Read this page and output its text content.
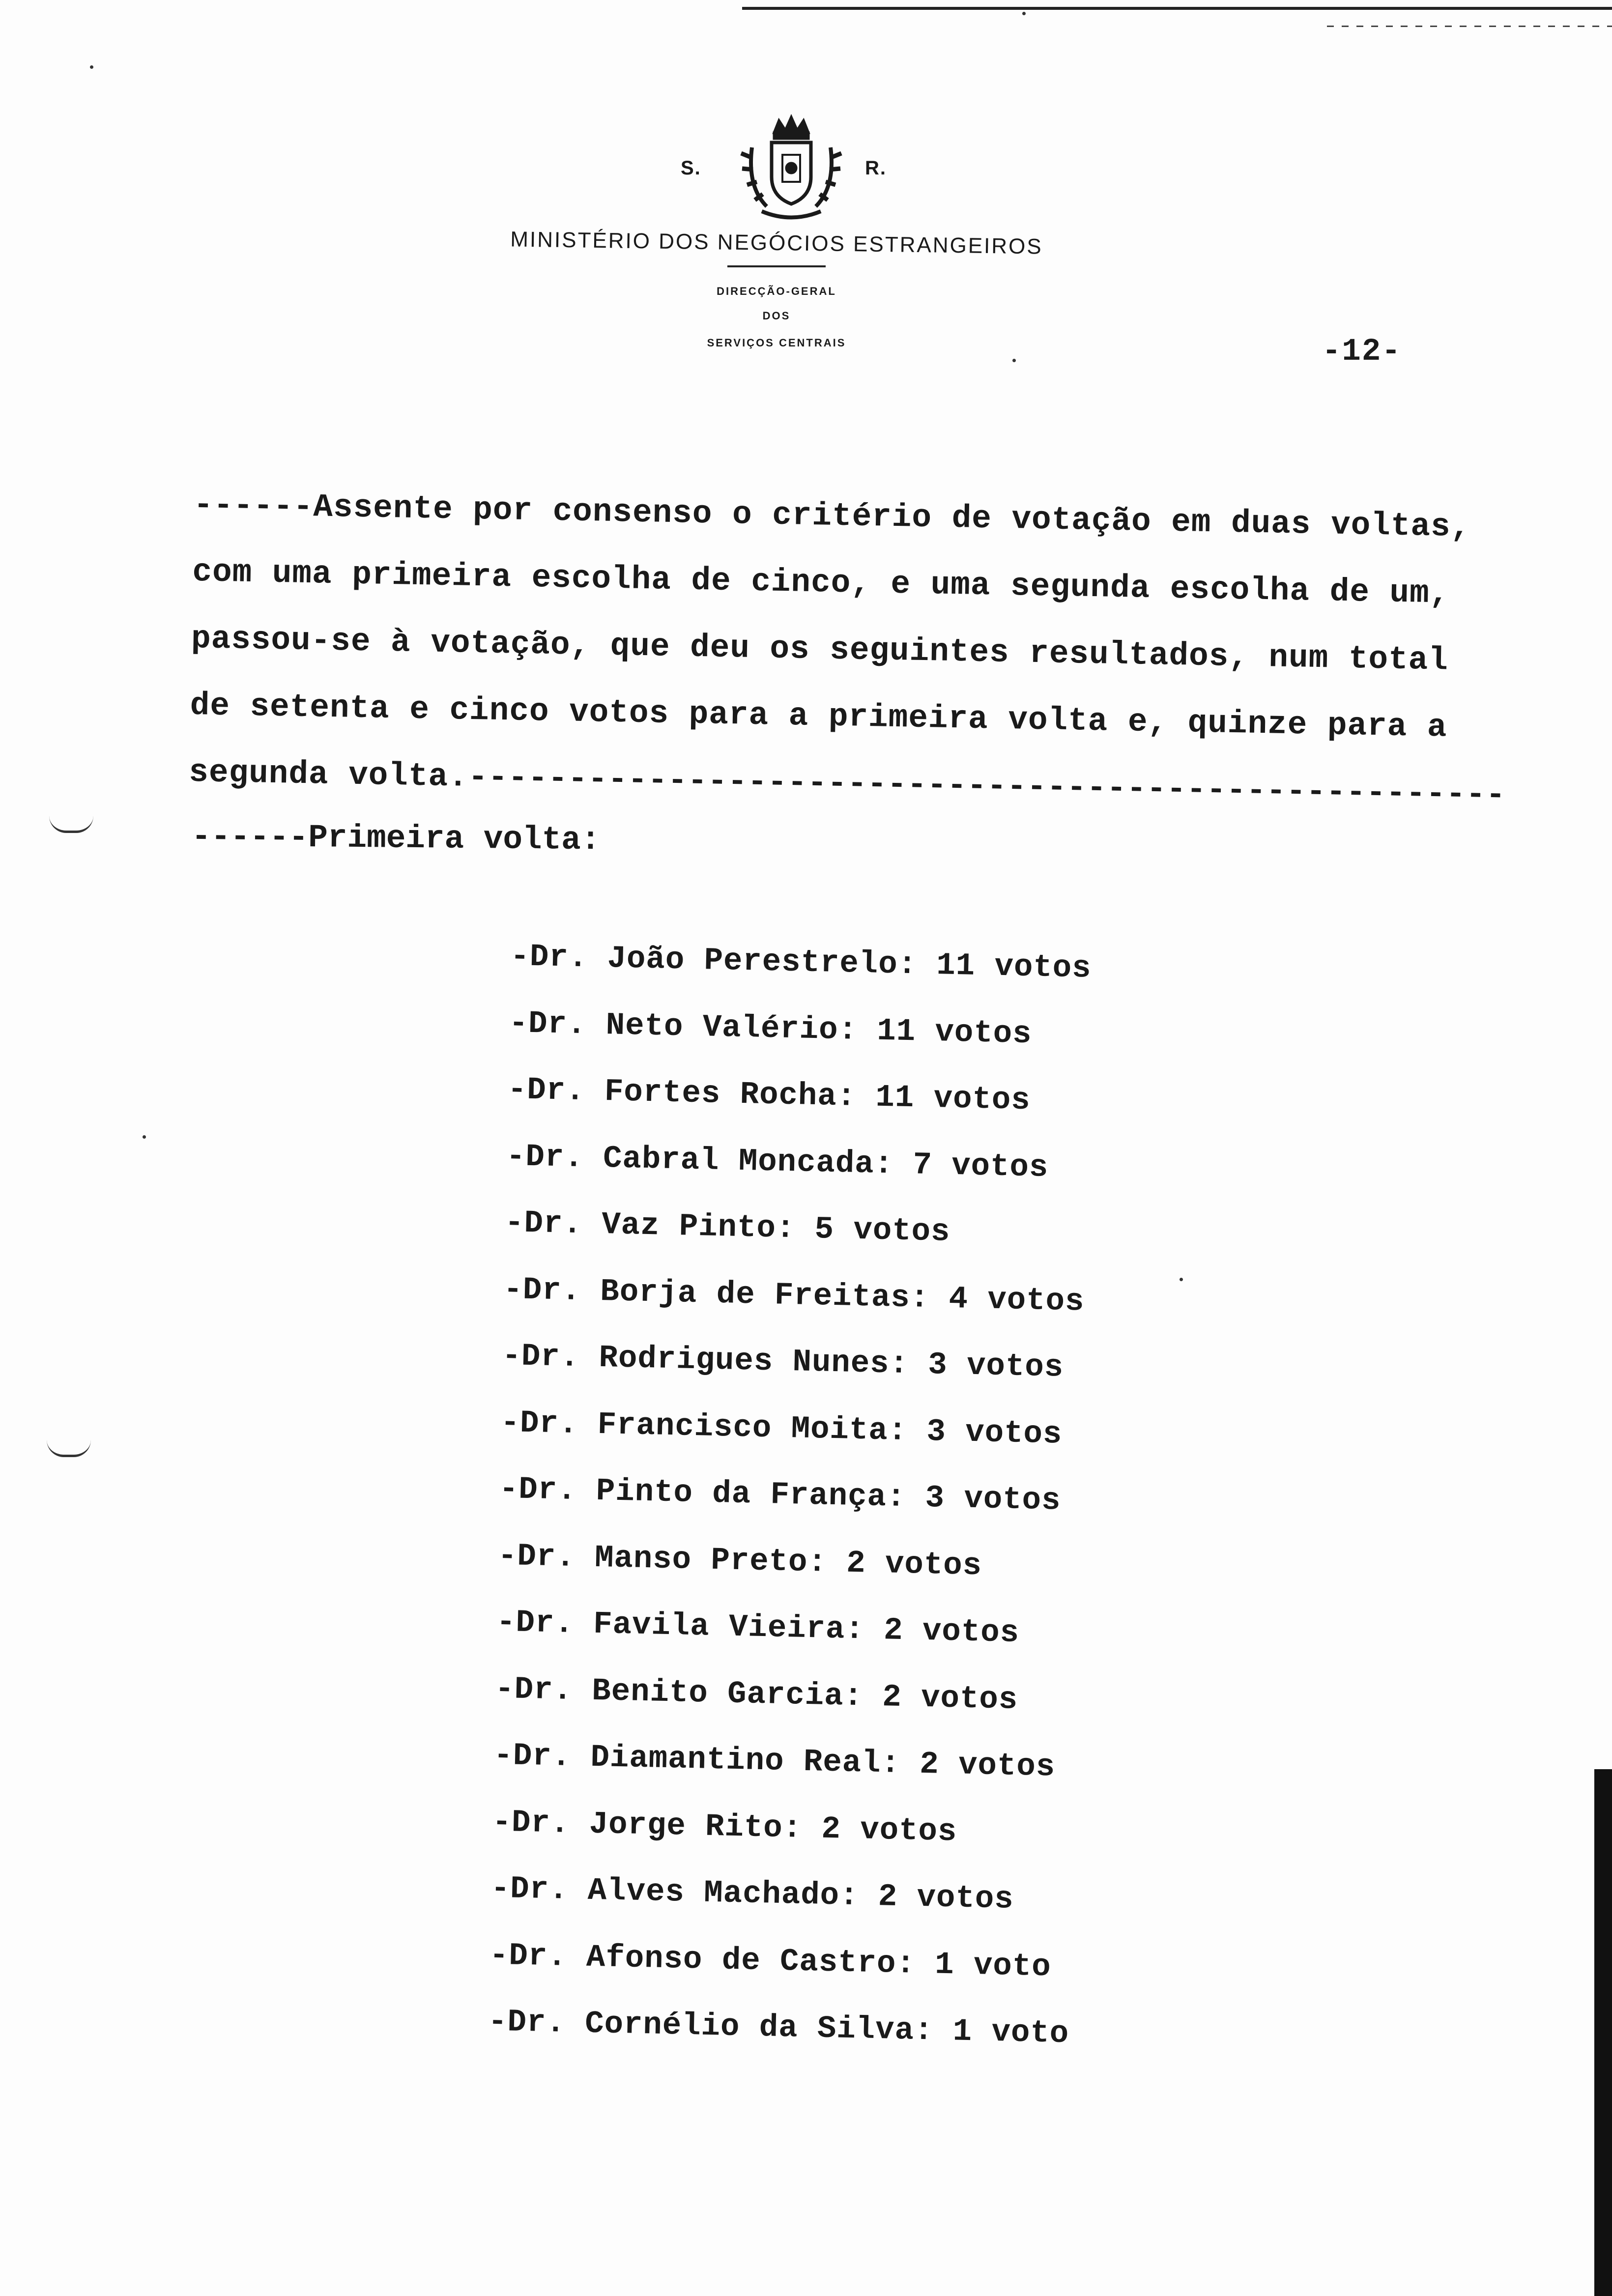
S.	R.
MINISTÉRIO DOS NEGÓCIOS ESTRANGEIROS
DIRECÇÃO-GERAL
DOS
SERVIÇOS CENTRAIS	-12-
------Assente por consenso o critério de votação em duas voltas,
com uma primeira escolha de cinco, e uma segunda escolha de um,
passou-se à votação, que deu os seguintes resultados, num total
de setenta e cinco votos para a primeira volta e, quinze para a
segunda volta.----------------------------------------------------
------Primeira volta:
-Dr. João Perestrelo: 11 votos
-Dr. Neto Valério: 11 votos
-Dr. Fortes Rocha: 11 votos
-Dr. Cabral Moncada: 7 votos
-Dr. Vaz Pinto: 5 votos
-Dr. Borja de Freitas: 4 votos
-Dr. Rodrigues Nunes: 3 votos
-Dr. Francisco Moita: 3 votos
-Dr. Pinto da França: 3 votos
-Dr. Manso Preto: 2 votos
-Dr. Favila Vieira: 2 votos
-Dr. Benito Garcia: 2 votos
-Dr. Diamantino Real: 2 votos
-Dr. Jorge Rito: 2 votos
-Dr. Alves Machado: 2 votos
-Dr. Afonso de Castro: 1 voto
-Dr. Cornélio da Silva: 1 voto
